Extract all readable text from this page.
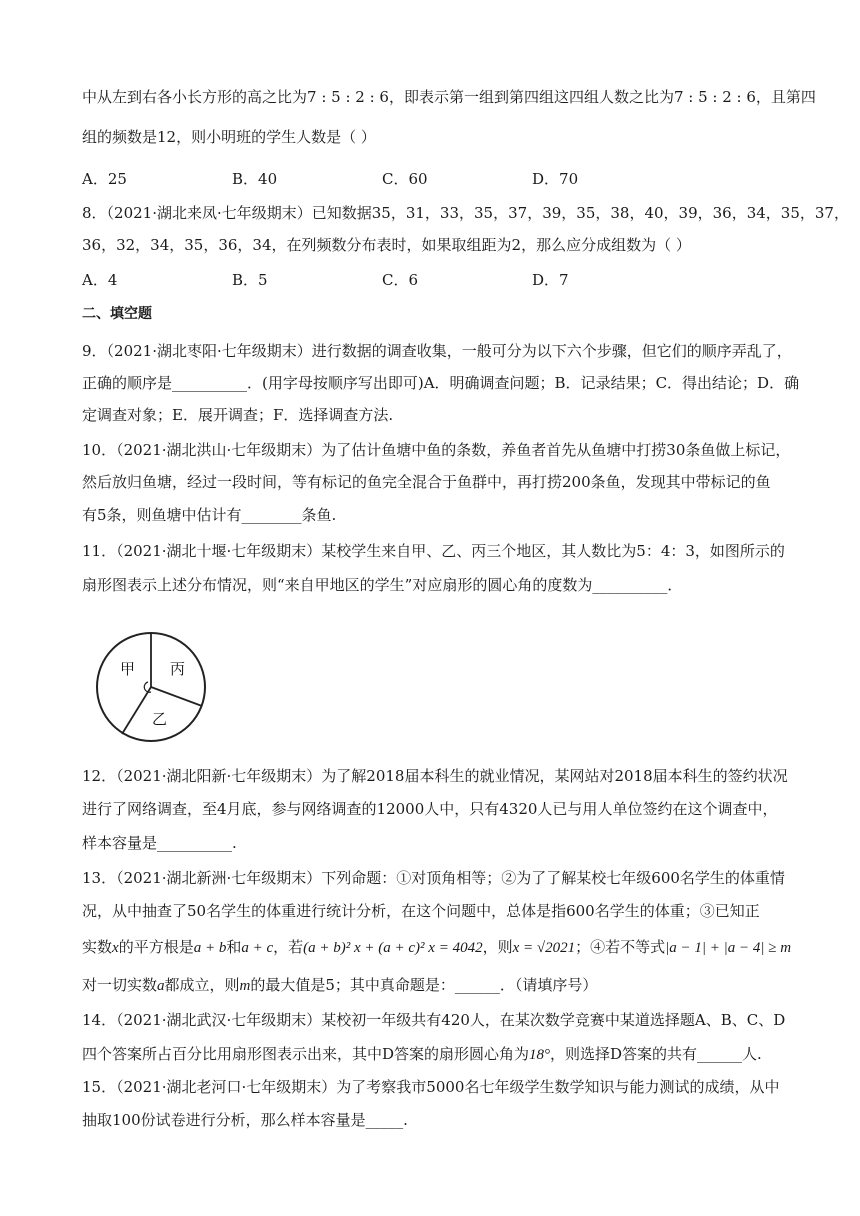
中从左到右各小长方形的高之比为7 : 5 : 2 : 6，即表示第一组到第四组这四组人数之比为7 : 5 : 2 : 6，且第四
组的频数是12，则小明班的学生人数是（ ）
A．25	B．40	C．60	D．70
8．（2021·湖北来凤·七年级期末）已知数据35，31，33，35，37，39，35，38，40，39，36，34，35，37，
36，32，34，35，36，34，在列频数分布表时，如果取组距为2，那么应分成组数为（ ）
A．4	B．5	C．6	D．7
二、填空题
9．（2021·湖北枣阳·七年级期末）进行数据的调查收集，一般可分为以下六个步骤，但它们的顺序弄乱了，
正确的顺序是__________．(用字母按顺序写出即可)A．明确调查问题；B．记录结果；C．得出结论；D．确
定调查对象；E．展开调查；F．选择调查方法.
10．（2021·湖北洪山·七年级期末）为了估计鱼塘中鱼的条数，养鱼者首先从鱼塘中打捞30条鱼做上标记，
然后放归鱼塘，经过一段时间，等有标记的鱼完全混合于鱼群中，再打捞200条鱼，发现其中带标记的鱼
有5条，则鱼塘中估计有________条鱼.
11．（2021·湖北十堰·七年级期末）某校学生来自甲、乙、丙三个地区，其人数比为5：4：3，如图所示的
扇形图表示上述分布情况，则“来自甲地区的学生”对应扇形的圆心角的度数为__________．
甲 丙
乙
12．（2021·湖北阳新·七年级期末）为了解2018届本科生的就业情况，某网站对2018届本科生的签约状况
进行了网络调查，至4月底，参与网络调查的12000人中，只有4320人已与用人单位签约在这个调查中，
样本容量是__________.
13．（2021·湖北新洲·七年级期末）下列命题：①对顶角相等；②为了了解某校七年级600名学生的体重情
况，从中抽查了50名学生的体重进行统计分析，在这个问题中，总体是指600名学生的体重；③已知正
实数x的平方根是a + b和a + c，若(a + b)² x + (a + c)² x = 4042，则x = √2021；④若不等式|a − 1| + |a − 4| ≥ m
对一切实数a都成立，则m的最大值是5；其中真命题是：______．（请填序号）
14．（2021·湖北武汉·七年级期末）某校初一年级共有420人，在某次数学竞赛中某道选择题A、B、C、D
四个答案所占百分比用扇形图表示出来，其中D答案的扇形圆心角为18°，则选择D答案的共有______人.
15．（2021·湖北老河口·七年级期末）为了考察我市5000名七年级学生数学知识与能力测试的成绩，从中
抽取100份试卷进行分析，那么样本容量是_____.
